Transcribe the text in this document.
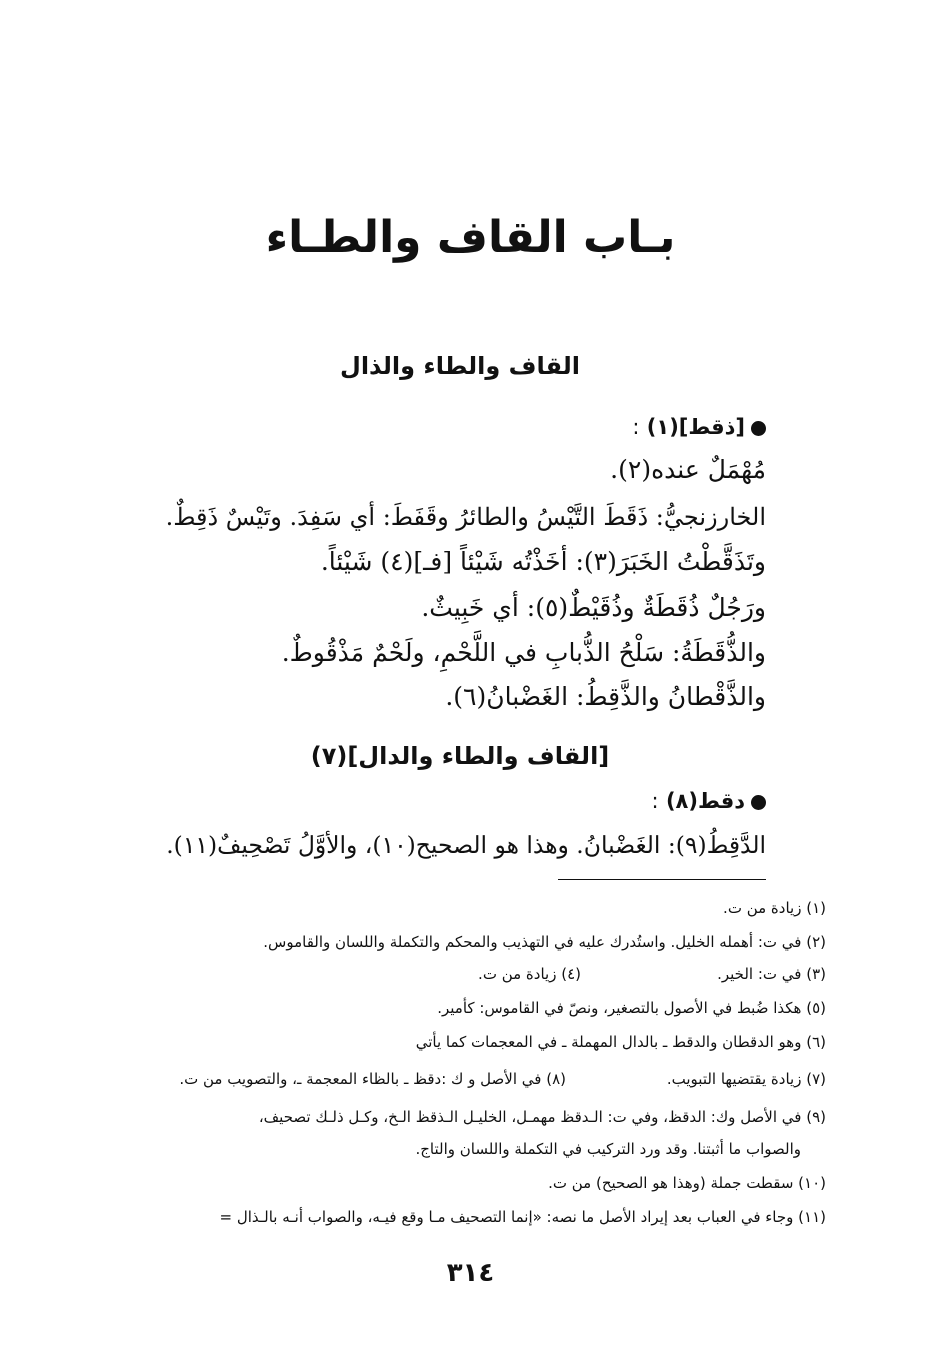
بـاب القاف والطـاء
القاف والطاء والذال
[ذقط](١) :
مُهْمَلٌ عنده(٢).
الخارزنجيُّ: ذَقَطَ التَّيْسُ والطائرُ وقَفَطَ: أي سَفِدَ. وتَيْسٌ ذَقِطٌ.
وتَذَقَّطْتُ الخَبَرَ(٣): أخَذْتُه شَيْئاً [فـ](٤) شَيْئاً.
ورَجُلٌ ذُقَطَةٌ وذُقَيْطٌ(٥): أي خَبِيثٌ.
والذُّقَطَةُ: سَلْحُ الذُّبابِ في اللَّحْمِ، ولَحْمٌ مَذْقُوطٌ.
والذَّقْطانُ والذَّقِطُ: الغَضْبانُ(٦).
[القاف والطاء والدال](٧)
دقط(٨) :
الدَّقِطُ(٩): الغَضْبانُ. وهذا هو الصحيح(١٠)، والأوَّلُ تَصْحِيفٌ(١١).
(١) زيادة من ت.
(٢) في ت: أهمله الخليل. واستُدرك عليه في التهذيب والمحكم والتكملة واللسان والقاموس.
(٣) في ت: الخير.
(٤) زيادة من ت.
(٥) هكذا ضُبط في الأصول بالتصغير، ونصّ في القاموس: كأمير.
(٦) وهو الدقطان والدقط ـ بالدال المهملة ـ في المعجمات كما يأتي
(٧) زيادة يقتضيها التبويب.
(٨) في الأصل و ك :دقظ ـ بالظاء المعجمة ـ، والتصويب من ت.
(٩) في الأصل وك: الدقظ، وفي ت: الـدقظ مهمـل، الخليـل الـذقظ الـخ، وكـل ذلـك تصحيف،
والصواب ما أثبتنا. وقد ورد التركيب في التكملة واللسان والتاج.
(١٠) سقطت جملة (وهذا هو الصحيح) من ت.
(١١) وجاء في العباب بعد إيراد الأصل ما نصه: «إنما التصحيف مـا وقع فيـه، والصواب أنـه بالـذال =
٣١٤
